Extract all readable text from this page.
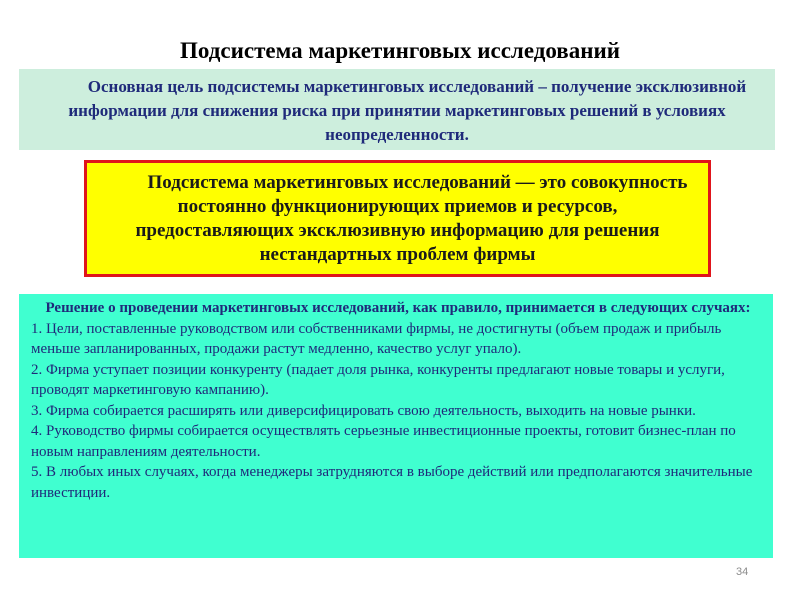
Подсистема маркетинговых исследований

Основная цель подсистемы маркетинговых исследований – получение эксклюзивной информации для снижения риска при принятии маркетинговых решений в условиях неопределенности.

Подсистема маркетинговых исследований — это совокупность постоянно функционирующих приемов и ресурсов, предоставляющих эксклюзивную информацию для решения нестандартных проблем фирмы

Решение о проведении маркетинговых исследований, как правило, принимается в следующих случаях:

1. Цели, поставленные руководством или собственниками фирмы, не достигнуты (объем продаж и прибыль меньше запланированных, продажи растут медленно, качество услуг упало).
2. Фирма уступает позиции конкуренту (падает доля рынка, конкуренты предлагают новые товары и услуги, проводят маркетинговую кампанию).
3. Фирма собирается расширять или диверсифицировать свою деятельность, выходить на новые рынки.
4. Руководство фирмы собирается осуществлять серьезные инвестиционные проекты, готовит бизнес-план по новым направлениям деятельности.
5. В любых иных случаях, когда менеджеры затрудняются в выборе действий или предполагаются значительные инвестиции.
34
